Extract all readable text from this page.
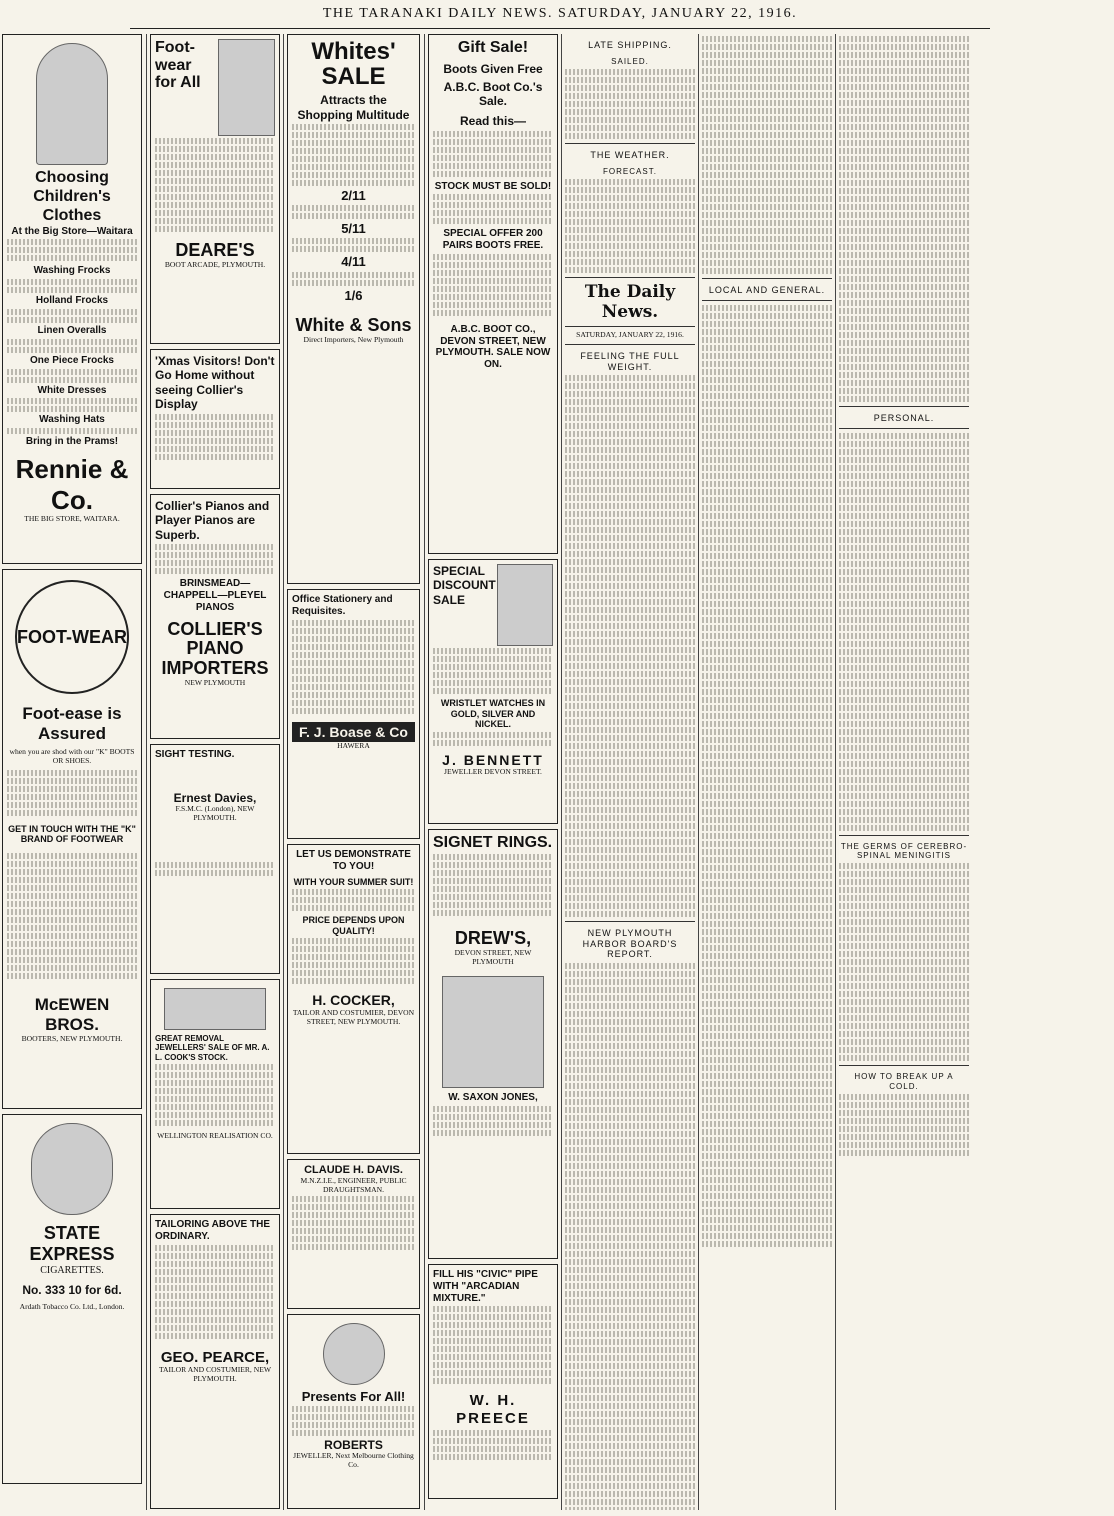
THE TARANAKI DAILY NEWS. SATURDAY, JANUARY 22, 1916.
Choosing Children's Clothes
At the Big Store—Waitara
Washing Frocks
Holland Frocks
Linen Overalls
One Piece Frocks
White Dresses
Washing Hats
Bring in the Prams!
Rennie & Co.
THE BIG STORE, WAITARA.
FOOT-WEAR
Foot-ease is Assured
when you are shod with our "K" BOOTS OR SHOES.
GET IN TOUCH WITH THE "K" BRAND OF FOOTWEAR
McEWEN BROS.
BOOTERS, NEW PLYMOUTH.
STATE EXPRESS
CIGARETTES.
No. 333 10 for 6d.
Ardath Tobacco Co. Ltd., London.
Foot-wear for All
DEARE'S
BOOT ARCADE, PLYMOUTH.
'Xmas Visitors! Don't Go Home without seeing Collier's Display
Collier's Pianos and Player Pianos are Superb.
BRINSMEAD—CHAPPELL—PLEYEL PIANOS
COLLIER'S PIANO IMPORTERS
NEW PLYMOUTH
SIGHT TESTING.
Ernest Davies,
F.S.M.C. (London), NEW PLYMOUTH.
GREAT REMOVAL JEWELLERS' SALE OF MR. A. L. COOK'S STOCK.
WELLINGTON REALISATION CO.
TAILORING ABOVE THE ORDINARY.
GEO. PEARCE,
TAILOR AND COSTUMIER, NEW PLYMOUTH.
Whites' SALE
Attracts the Shopping Multitude
2/11
5/11
4/11
1/6
White & Sons
Direct Importers, New Plymouth
Office Stationery and Requisites.
F. J. Boase & Co
HAWERA
LET US DEMONSTRATE TO YOU!
WITH YOUR SUMMER SUIT!
PRICE DEPENDS UPON QUALITY!
H. COCKER,
TAILOR AND COSTUMIER, DEVON STREET, NEW PLYMOUTH.
CLAUDE H. DAVIS.
M.N.Z.I.E., ENGINEER, PUBLIC DRAUGHTSMAN.
Presents For All!
ROBERTS
JEWELLER, Next Melbourne Clothing Co.
Gift Sale!
Boots Given Free
A.B.C. Boot Co.'s Sale.
Read this—
STOCK MUST BE SOLD!
SPECIAL OFFER 200 PAIRS BOOTS FREE.
A.B.C. BOOT CO., DEVON STREET, NEW PLYMOUTH. SALE NOW ON.
SPECIAL DISCOUNT SALE
WRISTLET WATCHES IN GOLD, SILVER AND NICKEL.
J. BENNETT
JEWELLER DEVON STREET.
SIGNET RINGS.
DREW'S,
DEVON STREET, NEW PLYMOUTH
W. SAXON JONES,
FILL HIS "CIVIC" PIPE WITH "ARCADIAN MIXTURE."
W. H. PREECE
LATE SHIPPING.
SAILED.
THE WEATHER.
FORECAST.
The Daily News.
SATURDAY, JANUARY 22, 1916.
FEELING THE FULL WEIGHT.
NEW PLYMOUTH HARBOR BOARD'S REPORT.
LOCAL AND GENERAL.
PERSONAL.
THE GERMS OF CEREBRO-SPINAL MENINGITIS
HOW TO BREAK UP A COLD.
